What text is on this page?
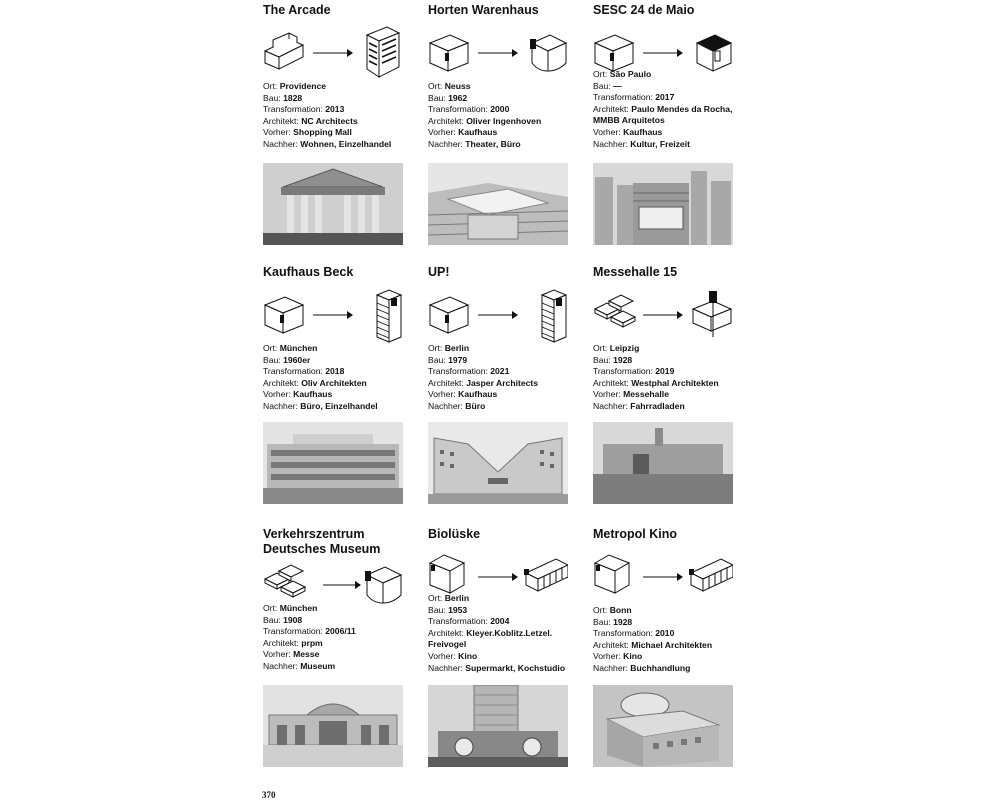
The Arcade
Ort: Providence
Bau: 1828
Transformation: 2013
Architekt: NC Architects
Vorher: Shopping Mall
Nachher: Wohnen, Einzelhandel
Horten Warenhaus
Ort: Neuss
Bau: 1962
Transformation: 2000
Architekt: Oliver Ingenhoven
Vorher: Kaufhaus
Nachher: Theater, Büro
SESC 24 de Maio
Ort: São Paulo
Bau: —
Transformation: 2017
Architekt: Paulo Mendes da Rocha, MMBB Arquitetos
Vorher: Kaufhaus
Nachher: Kultur, Freizeit
Kaufhaus Beck
Ort: München
Bau: 1960er
Transformation: 2018
Architekt: Oliv Architekten
Vorher: Kaufhaus
Nachher: Büro, Einzelhandel
UP!
Ort: Berlin
Bau: 1979
Transformation: 2021
Architekt: Jasper Architects
Vorher: Kaufhaus
Nachher: Büro
Messehalle 15
Ort: Leipzig
Bau: 1928
Transformation: 2019
Architekt: Westphal Architekten
Vorher: Messehalle
Nachher: Fahrradladen
Verkehrszentrum Deutsches Museum
Ort: München
Bau: 1908
Transformation: 2006/11
Architekt: prpm
Vorher: Messe
Nachher: Museum
Biolüske
Ort: Berlin
Bau: 1953
Transformation: 2004
Architekt: Kleyer.Koblitz.Letzel. Freivogel
Vorher: Kino
Nachher: Supermarkt, Kochstudio
Metropol Kino
Ort: Bonn
Bau: 1928
Transformation: 2010
Architekt: Michael Architekten
Vorher: Kino
Nachher: Buchhandlung
370
